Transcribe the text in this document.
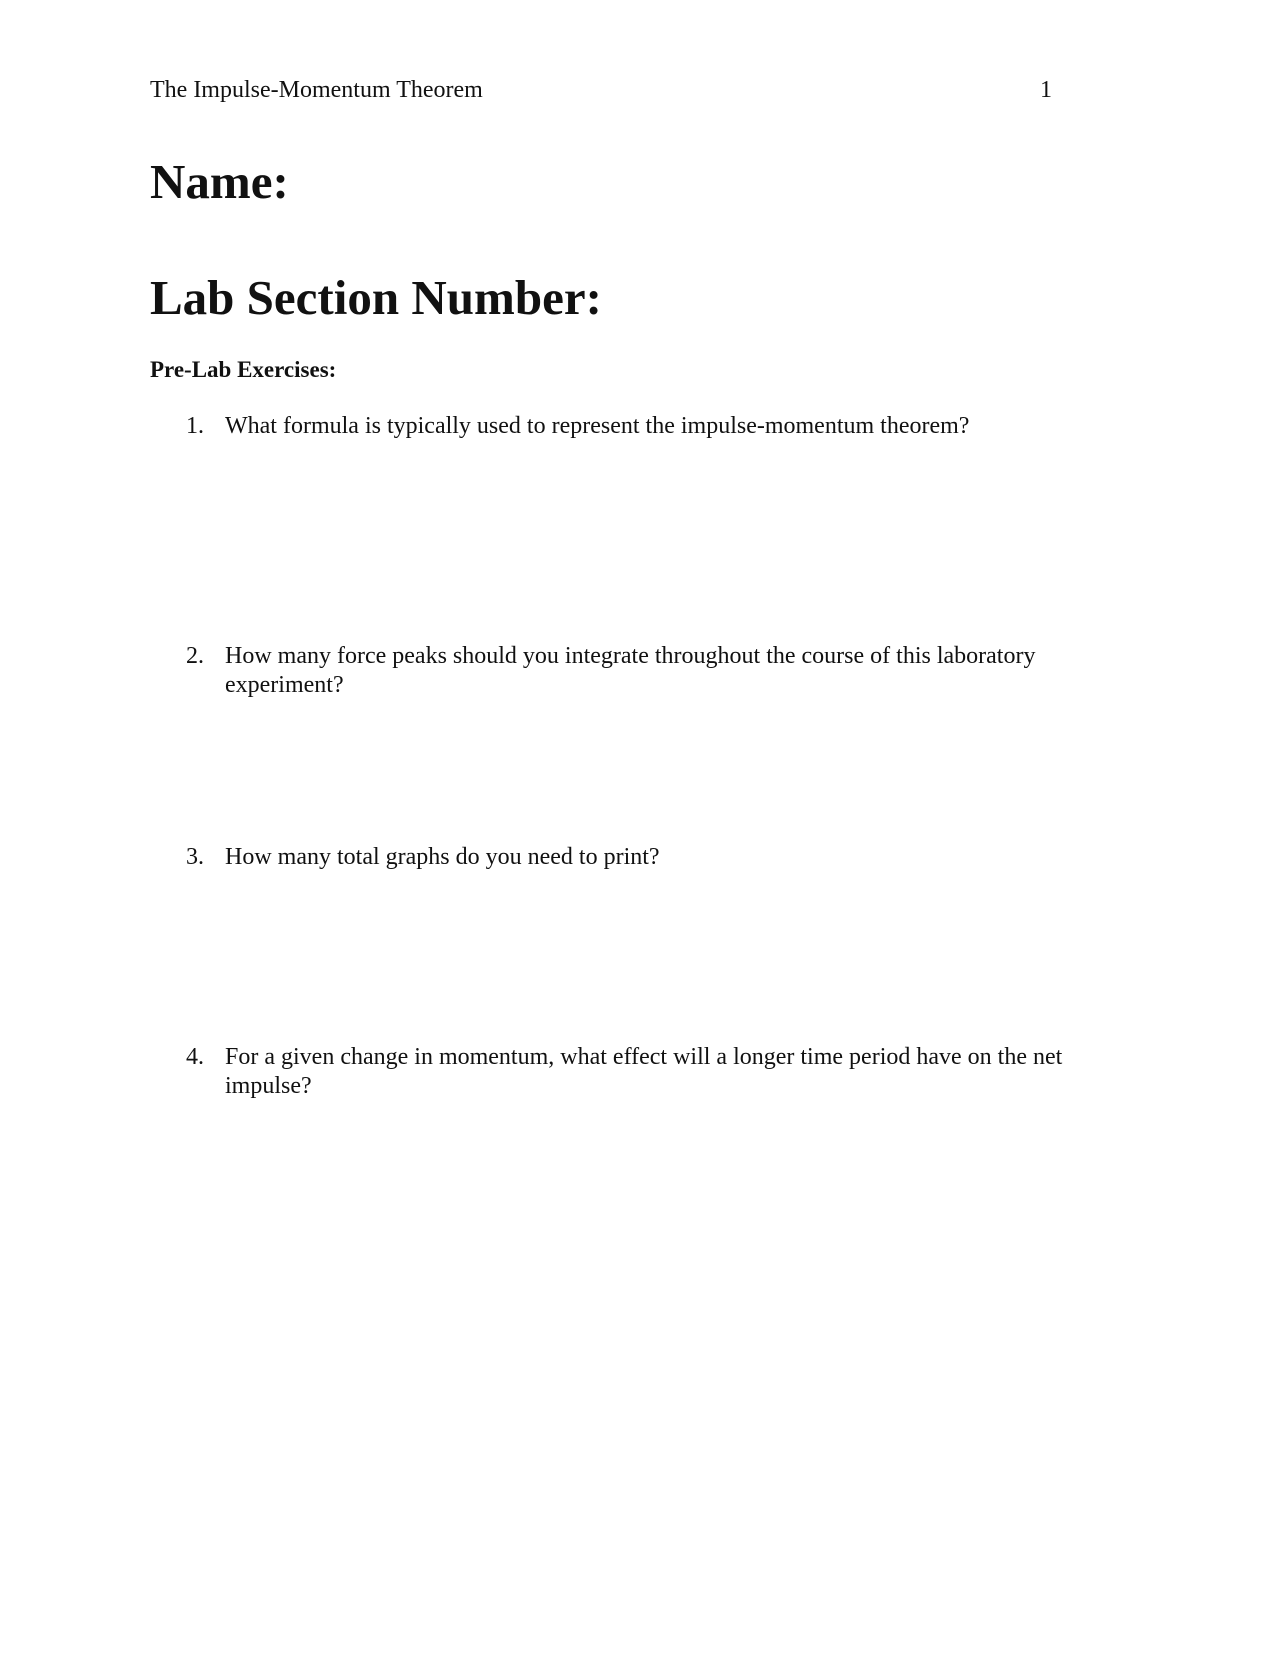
The Impulse-Momentum Theorem	1
Name:
Lab Section Number:
Pre-Lab Exercises:
1. What formula is typically used to represent the impulse-momentum theorem?
2. How many force peaks should you integrate throughout the course of this laboratory experiment?
3. How many total graphs do you need to print?
4. For a given change in momentum, what effect will a longer time period have on the net impulse?
